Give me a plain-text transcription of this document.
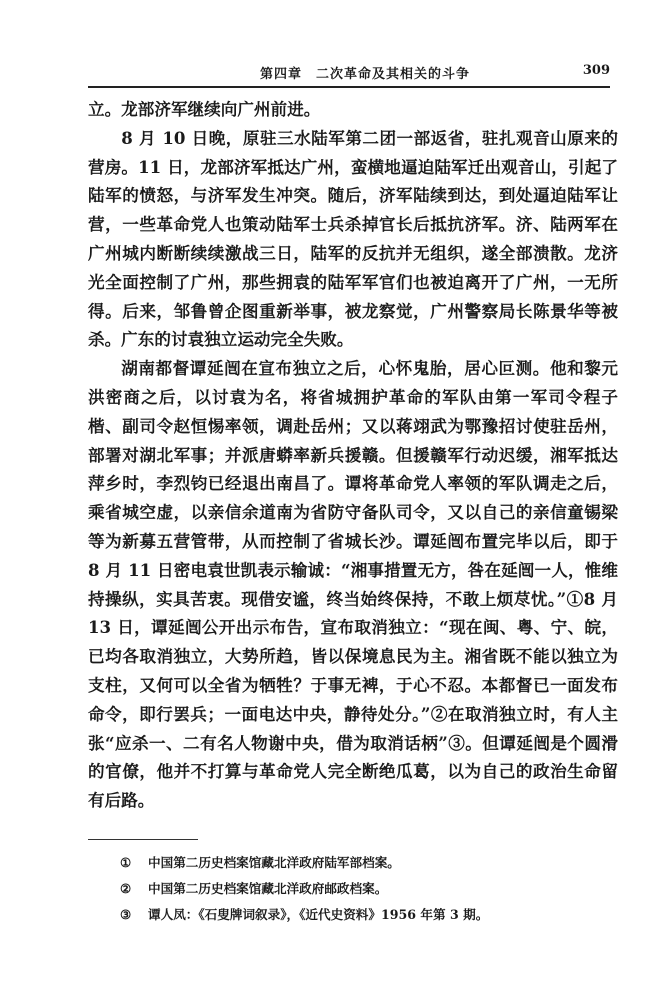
第四章　二次革命及其相关的斗争	309

立。龙部济军继续向广州前进。

8 月 10 日晚，原驻三水陆军第二团一部返省，驻扎观音山原来的营房。11 日，龙部济军抵达广州，蛮横地逼迫陆军迁出观音山，引起了陆军的愤怒，与济军发生冲突。随后，济军陆续到达，到处逼迫陆军让营，一些革命党人也策动陆军士兵杀掉官长后抵抗济军。济、陆两军在广州城内断断续续激战三日，陆军的反抗并无组织，遂全部溃散。龙济光全面控制了广州，那些拥袁的陆军军官们也被迫离开了广州，一无所得。后来，邹鲁曾企图重新举事，被龙察觉，广州警察局长陈景华等被杀。广东的讨袁独立运动完全失败。

湖南都督谭延闿在宣布独立之后，心怀鬼胎，居心叵测。他和黎元洪密商之后，以讨袁为名，将省城拥护革命的军队由第一军司令程子楷、副司令赵恒惕率领，调赴岳州；又以蒋翊武为鄂豫招讨使驻岳州，部署对湖北军事；并派唐蟒率新兵援赣。但援赣军行动迟缓，湘军抵达萍乡时，李烈钧已经退出南昌了。谭将革命党人率领的军队调走之后，乘省城空虚，以亲信余道南为省防守备队司令，又以自己的亲信童锡梁等为新募五营管带，从而控制了省城长沙。谭延闿布置完毕以后，即于 8 月 11 日密电袁世凯表示输诚：“湘事措置无方，咎在延闿一人，惟维持操纵，实具苦衷。现借安谧，终当始终保持，不敢上烦荩忧。”①8 月 13 日，谭延闿公开出示布告，宣布取消独立：“现在闽、粤、宁、皖，已均各取消独立，大势所趋，皆以保境息民为主。湘省既不能以独立为支柱，又何可以全省为牺牲？于事无裨，于心不忍。本都督已一面发布命令，即行罢兵；一面电达中央，静待处分。”②在取消独立时，有人主张“应杀一、二有名人物谢中央，借为取消话柄”③。但谭延闿是个圆滑的官僚，他并不打算与革命党人完全断绝瓜葛，以为自己的政治生命留有后路。

①	中国第二历史档案馆藏北洋政府陆军部档案。
②	中国第二历史档案馆藏北洋政府邮政档案。
③	谭人凤：《石叟牌词叙录》，《近代史资料》1956 年第 3 期。
